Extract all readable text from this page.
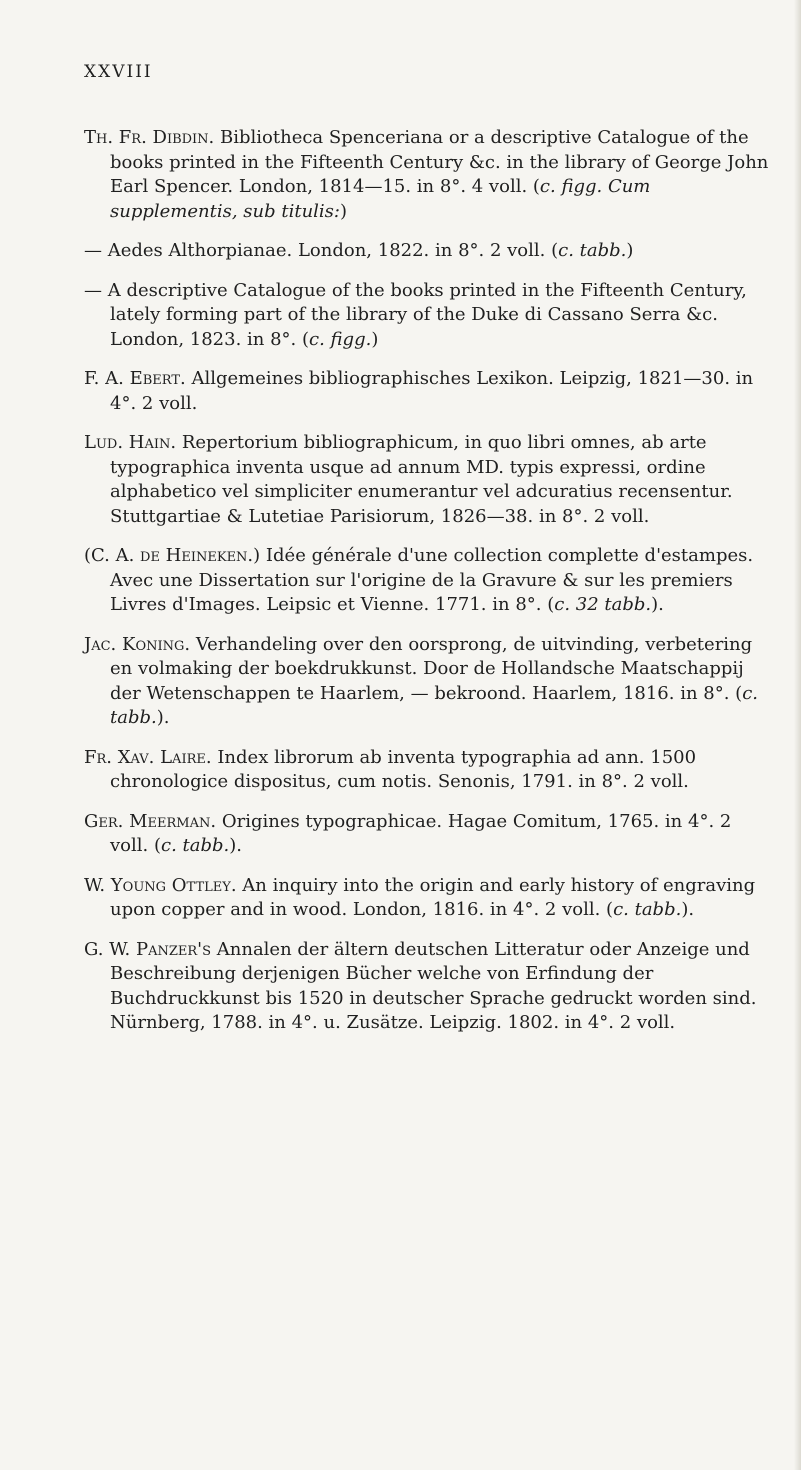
XXVIII

Th. Fr. Dibdin. Bibliotheca Spenceriana or a descriptive Catalogue of the books printed in the Fifteenth Century &c. in the library of George John Earl Spencer. London, 1814—15. in 8°. 4 voll. (c. figg. Cum supplementis, sub titulis:)

— Aedes Althorpianae. London, 1822. in 8°. 2 voll. (c. tabb.)

— A descriptive Catalogue of the books printed in the Fifteenth Century, lately forming part of the library of the Duke di Cassano Serra &c. London, 1823. in 8°. (c. figg.)

F. A. Ebert. Allgemeines bibliographisches Lexikon. Leipzig, 1821—30. in 4°. 2 voll.

Lud. Hain. Repertorium bibliographicum, in quo libri omnes, ab arte typographica inventa usque ad annum MD. typis expressi, ordine alphabetico vel simpliciter enumerantur vel adcuratius recensentur. Stuttgartiae & Lutetiae Parisiorum, 1826—38. in 8°. 2 voll.

(C. A. de Heineken.) Idée générale d'une collection complette d'estampes. Avec une Dissertation sur l'origine de la Gravure & sur les premiers Livres d'Images. Leipsic et Vienne. 1771. in 8°. (c. 32 tabb.).

Jac. Koning. Verhandeling over den oorsprong, de uitvinding, verbetering en volmaking der boekdrukkunst. Door de Hollandsche Maatschappij der Wetenschappen te Haarlem, — bekroond. Haarlem, 1816. in 8°. (c. tabb.).

Fr. Xav. Laire. Index librorum ab inventa typographia ad ann. 1500 chronologice dispositus, cum notis. Senonis, 1791. in 8°. 2 voll.

Ger. Meerman. Origines typographicae. Hagae Comitum, 1765. in 4°. 2 voll. (c. tabb.).

W. Young Ottley. An inquiry into the origin and early history of engraving upon copper and in wood. London, 1816. in 4°. 2 voll. (c. tabb.).

G. W. Panzer's Annalen der ältern deutschen Litteratur oder Anzeige und Beschreibung derjenigen Bücher welche von Erfindung der Buchdruckkunst bis 1520 in deutscher Sprache gedruckt worden sind. Nürnberg, 1788. in 4°. u. Zusätze. Leipzig. 1802. in 4°. 2 voll.
